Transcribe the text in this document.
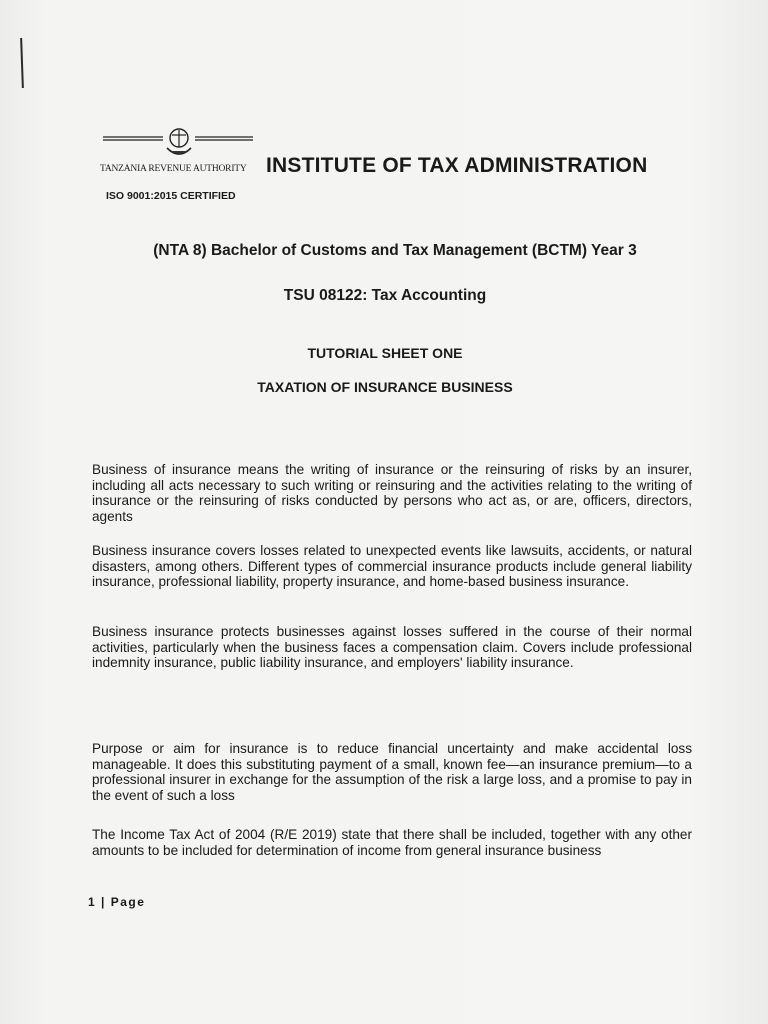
TANZANIA REVENUE AUTHORITY INSTITUTE OF TAX ADMINISTRATION
ISO 9001:2015 CERTIFIED
(NTA 8) Bachelor of Customs and Tax Management (BCTM) Year 3
TSU 08122: Tax Accounting
TUTORIAL SHEET ONE
TAXATION OF INSURANCE BUSINESS

Business of insurance means the writing of insurance or the reinsuring of risks by an insurer, including all acts necessary to such writing or reinsuring and the activities relating to the writing of insurance or the reinsuring of risks conducted by persons who act as, or are, officers, directors, agents

Business insurance covers losses related to unexpected events like lawsuits, accidents, or natural disasters, among others. Different types of commercial insurance products include general liability insurance, professional liability, property insurance, and home-based business insurance.

Business insurance protects businesses against losses suffered in the course of their normal activities, particularly when the business faces a compensation claim. Covers include professional indemnity insurance, public liability insurance, and employers' liability insurance.

Purpose or aim for insurance is to reduce financial uncertainty and make accidental loss manageable. It does this substituting payment of a small, known fee—an insurance premium—to a professional insurer in exchange for the assumption of the risk a large loss, and a promise to pay in the event of such a loss

The Income Tax Act of 2004 (R/E 2019) state that there shall be included, together with any other amounts to be included for determination of income from general insurance business

1 | Page
